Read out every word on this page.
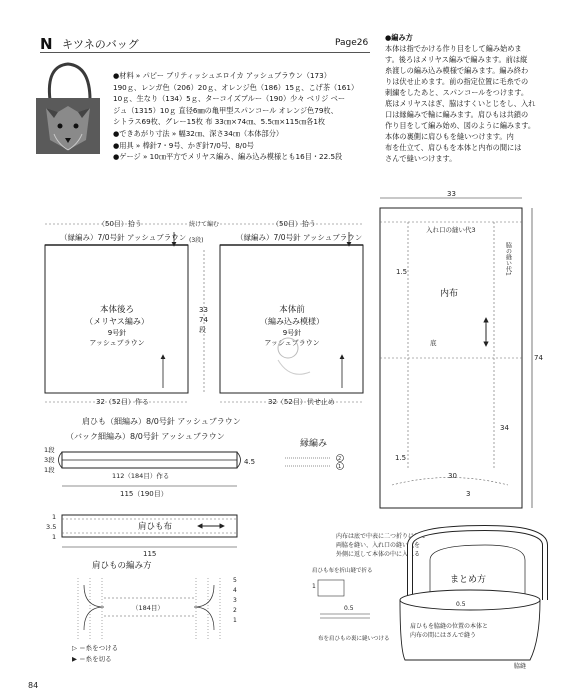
N キツネのバッグ	Page26

●材料 » パピー ブリティッシュエロイカ アッシュブラウン（173）

190ｇ、レンガ色（206）20ｇ、オレンジ色（186）15ｇ、こげ茶（161）

10ｇ、生なり（134）5ｇ、ターコイズブルー（190）少々 ベリジ ベー

ジュ（1315）10ｇ 直径6㎜の亀甲型スパンコール オレンジ色79枚、

シトラス69枚、グレー15枚 布 33㎝×74㎝、5.5㎝×115㎝各1枚

●できあがり寸法 » 幅32㎝、深さ34㎝（本体部分）

●用具 » 棒針7・9号、かぎ針7/0号、8/0号

●ゲージ » 10㎝平方でメリヤス編み、編み込み模様とも16目・22.5段

●編み方

本体は指でかける作り目をして編み始めま

す。後ろはメリヤス編みで編みます。前は縦

糸渡しの編み込み模様で編みます。編み終わ

りは伏せ止めます。前の指定位置に毛糸での

刺繍をしたあと、スパンコールをつけます。

底はメリヤスはぎ、脇はすくいとじをし、入れ

口は縁編みで輪に編みます。肩ひもは共鎖の

作り目をして編み始め、図のように編みます。

本体の裏側に肩ひもを縫いつけます。内

布を仕立て、肩ひもを本体と内布の間には

さんで縫いつけます。

（50目）拾う
（縁編み）7/0号針 アッシュブラウン
本体後ろ
（メリヤス編み）
9号針
アッシュブラウン
32（52目）作る
続けて編む
(3段)
33
74
段
（50目）拾う
（縁編み）7/0号針 アッシュブラウン
本体前
（編み込み模様）
9号針
アッシュブラウン
32（52目）伏せ止め
33
入れ口の縫い代3
脇の縫い代1
1.5
内布
底
74
34
1.5
30
3
肩ひも（細編み）8/0号針 アッシュブラウン
（バック細編み）8/0号針 アッシュブラウン
1段
3段
1段
112（184目）作る
4.5
115（190目）
縁編み
2
1
肩ひも布
1
3.5
1
115
肩ひもの編み方
（184目）
5
4
3
2
1
▷ ＝糸をつける
▶ ＝糸を切る
内布は底で中表に二つ折りにして
両脇を縫い、入れ口の縫い代を
外側に返して本体の中に入れる
肩ひも布を折山縫で折る
1
0.5
布を肩ひもの裏に縫いつける
まとめ方
0.5
肩ひもを脇縫の位置の本体と
内布の間にはさんで縫う
脇縫
84
